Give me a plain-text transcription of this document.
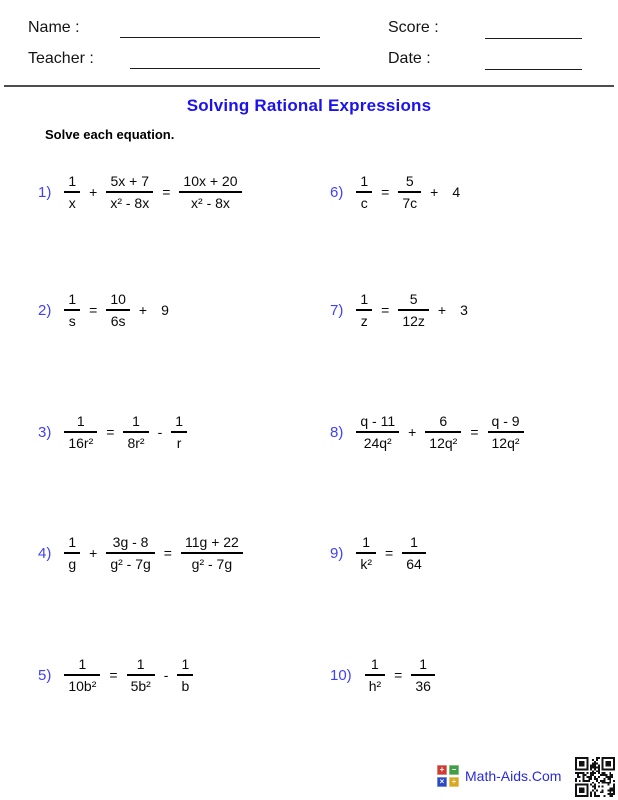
Name :	Score :
Teacher :	Date :
Solving Rational Expressions
Solve each equation.
$1) \frac{1}{x} + \frac{5x + 7}{\text{x² - 8x}} = \frac{10x + 20}{\text{x² - 8x}}$
$2) \frac{1}{s} = \frac{10}{6s} + 9$
$3) \frac{1}{\text{16r²}} = \frac{1}{\text{8r²}} - \frac{1}{r}$
$4) \frac{1}{g} + \frac{3g - 8}{\text{g² - 7g}} = \frac{11g + 22}{\text{g² - 7g}}$
$5) \frac{1}{\text{10b²}} = \frac{1}{\text{5b²}} - \frac{1}{b}$
$6) \frac{1}{c} = \frac{5}{7c} + 4$
$7) \frac{1}{z} = \frac{5}{12z} + 3$
$8) \frac{q - 11}{\text{24q²}} + \frac{6}{\text{12q²}} = \frac{q - 9}{\text{12q²}}$
$9) \frac{1}{\text{k²}} = \frac{1}{64}$
$10) \frac{1}{\text{h²}} = \frac{1}{36}$
+ −
× ÷ Math-Aids.Com
